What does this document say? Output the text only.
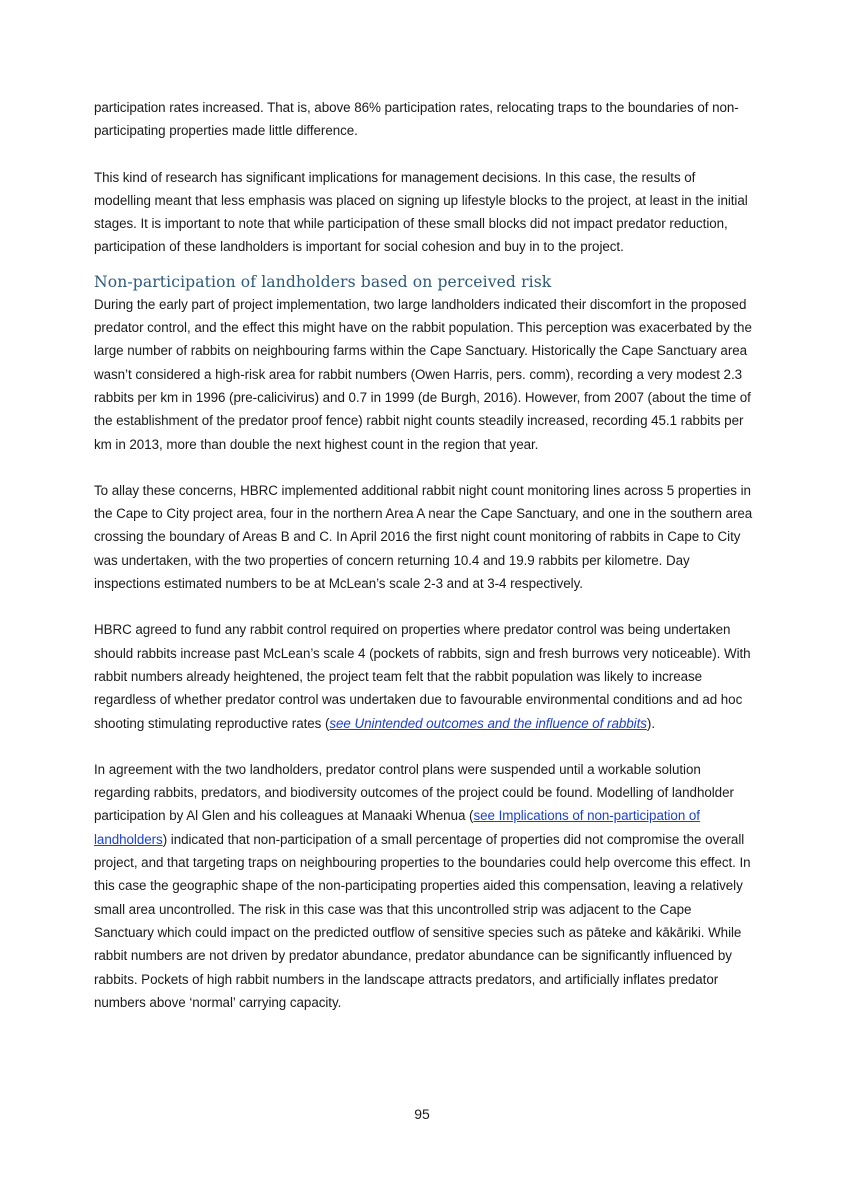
participation rates increased. That is, above 86% participation rates, relocating traps to the boundaries of non-participating properties made little difference.

This kind of research has significant implications for management decisions. In this case, the results of modelling meant that less emphasis was placed on signing up lifestyle blocks to the project, at least in the initial stages. It is important to note that while participation of these small blocks did not impact predator reduction, participation of these landholders is important for social cohesion and buy in to the project.

Non-participation of landholders based on perceived risk

During the early part of project implementation, two large landholders indicated their discomfort in the proposed predator control, and the effect this might have on the rabbit population. This perception was exacerbated by the large number of rabbits on neighbouring farms within the Cape Sanctuary. Historically the Cape Sanctuary area wasn’t considered a high-risk area for rabbit numbers (Owen Harris, pers. comm), recording a very modest 2.3 rabbits per km in 1996 (pre-calicivirus) and 0.7 in 1999 (de Burgh, 2016). However, from 2007 (about the time of the establishment of the predator proof fence) rabbit night counts steadily increased, recording 45.1 rabbits per km in 2013, more than double the next highest count in the region that year.

To allay these concerns, HBRC implemented additional rabbit night count monitoring lines across 5 properties in the Cape to City project area, four in the northern Area A near the Cape Sanctuary, and one in the southern area crossing the boundary of Areas B and C. In April 2016 the first night count monitoring of rabbits in Cape to City was undertaken, with the two properties of concern returning 10.4 and 19.9 rabbits per kilometre. Day inspections estimated numbers to be at McLean’s scale 2-3 and at 3-4 respectively.

HBRC agreed to fund any rabbit control required on properties where predator control was being undertaken should rabbits increase past McLean’s scale 4 (pockets of rabbits, sign and fresh burrows very noticeable). With rabbit numbers already heightened, the project team felt that the rabbit population was likely to increase regardless of whether predator control was undertaken due to favourable environmental conditions and ad hoc shooting stimulating reproductive rates (see Unintended outcomes and the influence of rabbits).

In agreement with the two landholders, predator control plans were suspended until a workable solution regarding rabbits, predators, and biodiversity outcomes of the project could be found. Modelling of landholder participation by Al Glen and his colleagues at Manaaki Whenua (see Implications of non-participation of landholders) indicated that non-participation of a small percentage of properties did not compromise the overall project, and that targeting traps on neighbouring properties to the boundaries could help overcome this effect. In this case the geographic shape of the non-participating properties aided this compensation, leaving a relatively small area uncontrolled. The risk in this case was that this uncontrolled strip was adjacent to the Cape Sanctuary which could impact on the predicted outflow of sensitive species such as pāteke and kākāriki. While rabbit numbers are not driven by predator abundance, predator abundance can be significantly influenced by rabbits. Pockets of high rabbit numbers in the landscape attracts predators, and artificially inflates predator numbers above ‘normal’ carrying capacity.

95
